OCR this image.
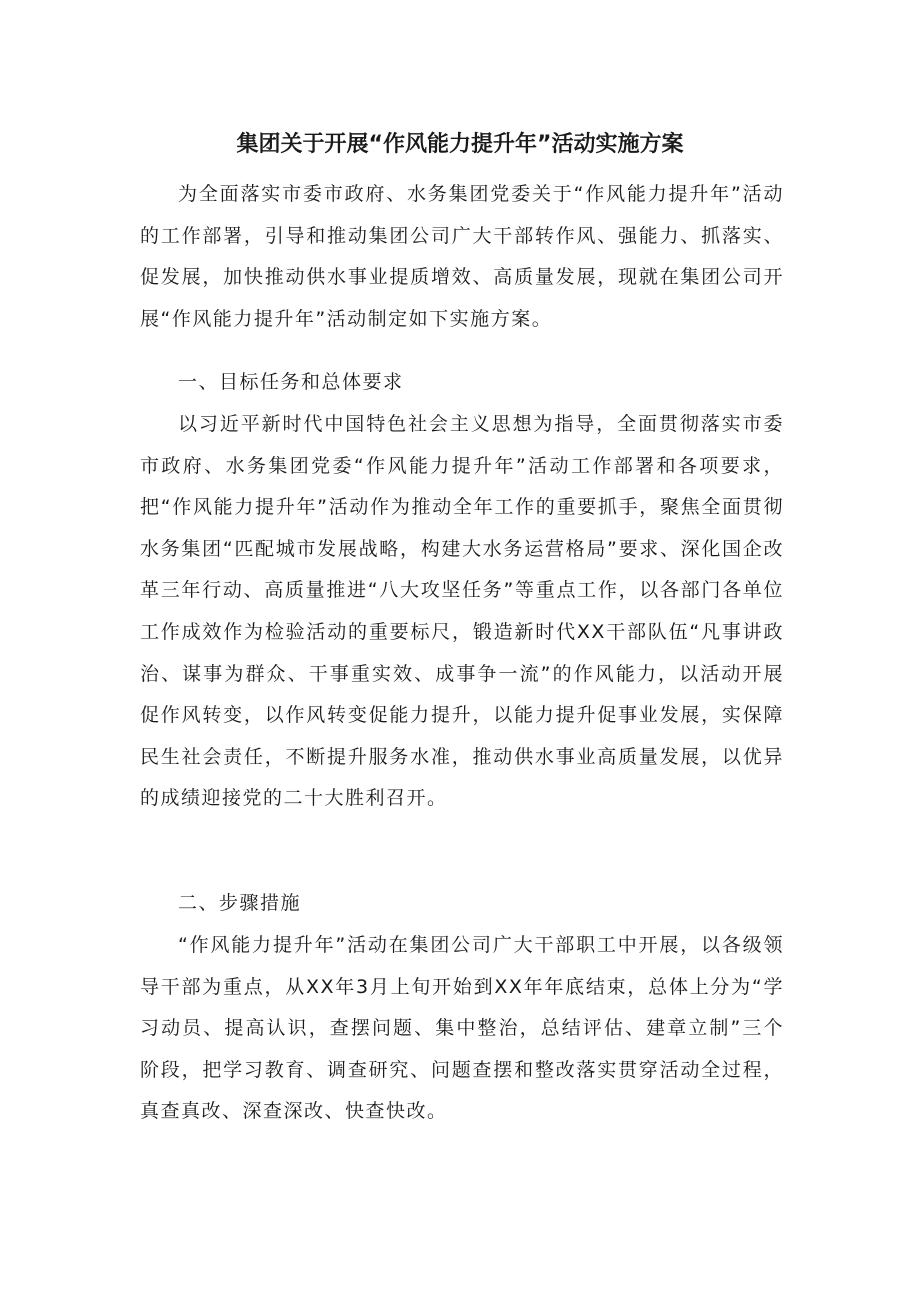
集团关于开展“作风能力提升年”活动实施方案

为全面落实市委市政府、水务集团党委关于“作风能力提升年”活动的工作部署，引导和推动集团公司广大干部转作风、强能力、抓落实、促发展，加快推动供水事业提质增效、高质量发展，现就在集团公司开展“作风能力提升年”活动制定如下实施方案。

一、目标任务和总体要求

以习近平新时代中国特色社会主义思想为指导，全面贯彻落实市委市政府、水务集团党委“作风能力提升年”活动工作部署和各项要求，把“作风能力提升年”活动作为推动全年工作的重要抓手，聚焦全面贯彻水务集团“匹配城市发展战略，构建大水务运营格局”要求、深化国企改革三年行动、高质量推进“八大攻坚任务”等重点工作，以各部门各单位工作成效作为检验活动的重要标尺，锻造新时代XX干部队伍“凡事讲政治、谋事为群众、干事重实效、成事争一流”的作风能力，以活动开展促作风转变，以作风转变促能力提升，以能力提升促事业发展，实保障民生社会责任，不断提升服务水准，推动供水事业高质量发展，以优异的成绩迎接党的二十大胜利召开。

二、步骤措施

“作风能力提升年”活动在集团公司广大干部职工中开展，以各级领导干部为重点，从XX年3月上旬开始到XX年年底结束，总体上分为“学习动员、提高认识，查摆问题、集中整治，总结评估、建章立制”三个阶段，把学习教育、调查研究、问题查摆和整改落实贯穿活动全过程，真查真改、深查深改、快查快改。
